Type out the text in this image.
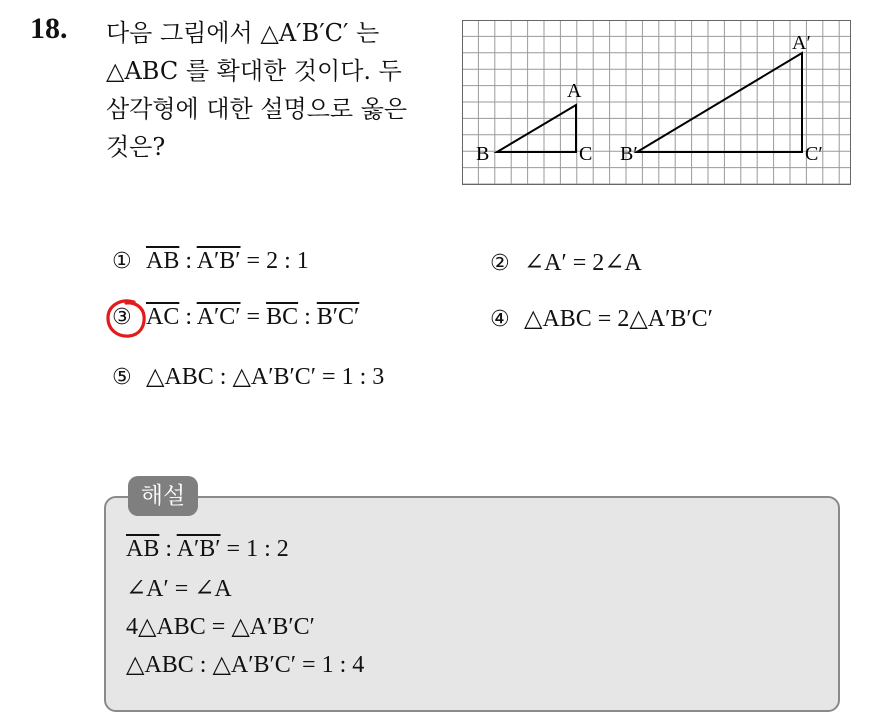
18. 다음 그림에서 △A′B′C′ 는
△ABC 를 확대한 것이다. 두
삼각형에 대한 설명으로 옳은
것은?
A
B	C
A′
B′	C′
① $\overline{AB}$ : A′B′ = 2 : 1	② ∠A′ = 2∠A
③ $\overline{AC}$ : $A'C' = \overline{BC}$ : B′C′	④ △ABC = 2△A′B′C′
⑤ △ABC : △A′B′C′ = 1 : 3
해설
$\overline{AB}$ : A′B′ = 1 : 2
∠A′ = ∠A
4△ABC = △A′B′C′
△ABC : △A′B′C′ = 1 : 4
